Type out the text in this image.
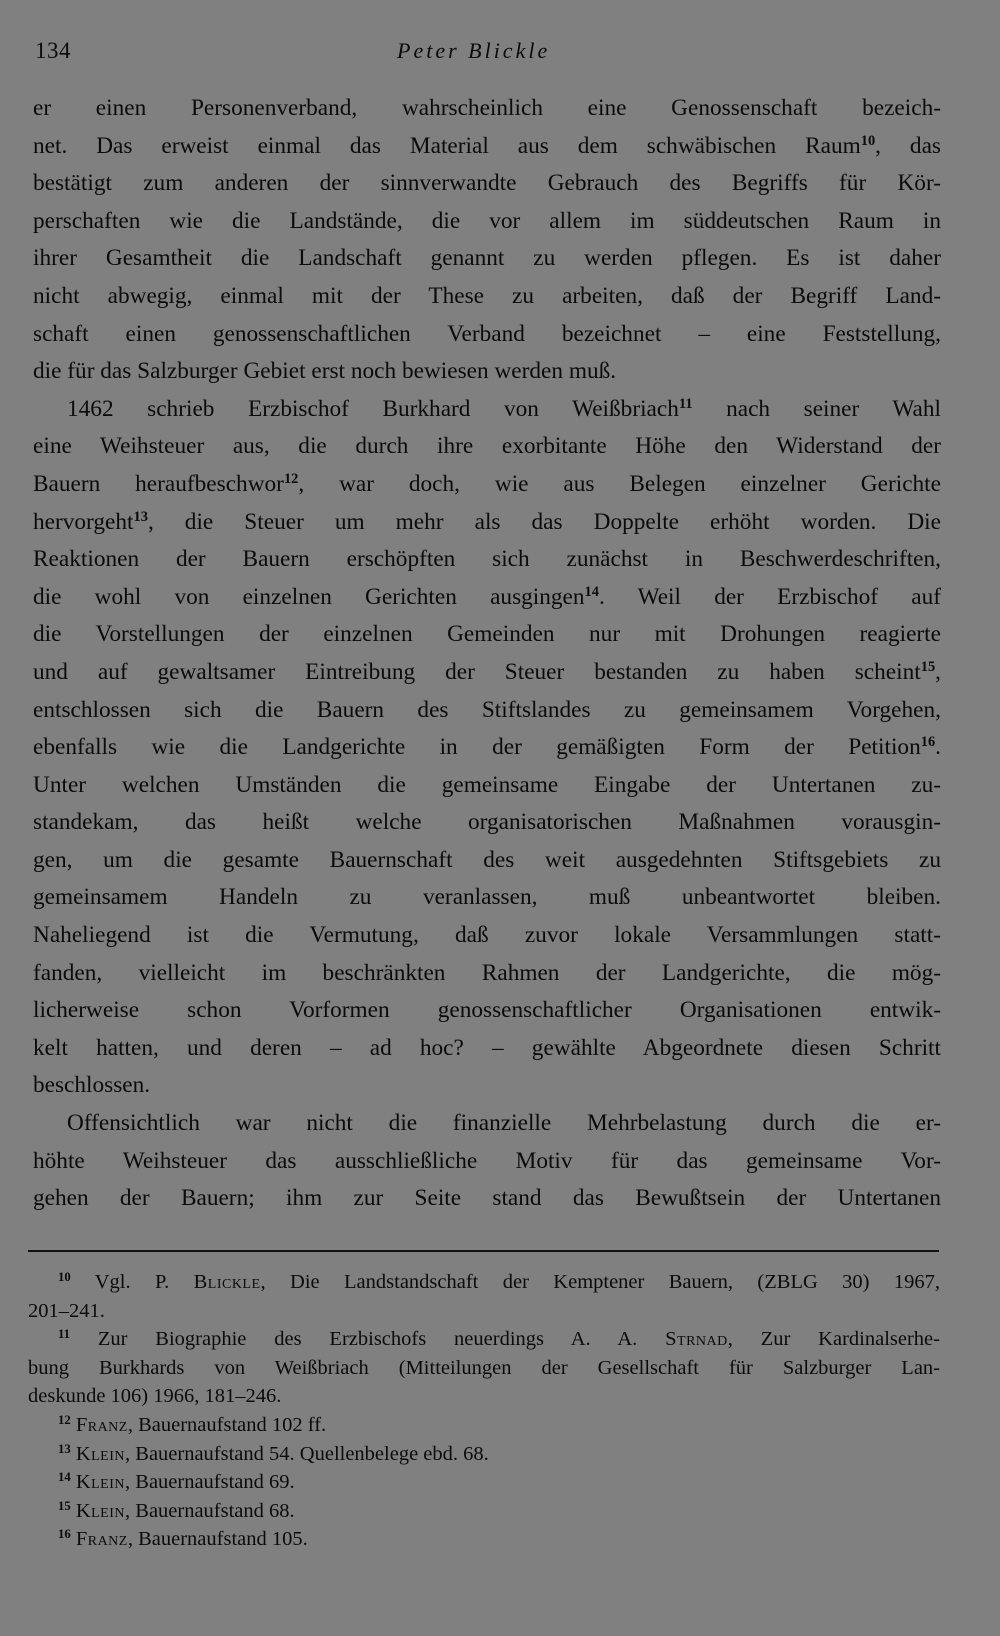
134	Peter Blickle
er einen Personenverband, wahrscheinlich eine Genossenschaft bezeich-
net. Das erweist einmal das Material aus dem schwäbischen Raum$^{10}$, das
bestätigt zum anderen der sinnverwandte Gebrauch des Begriffs für Kör-
perschaften wie die Landstände, die vor allem im süddeutschen Raum in
ihrer Gesamtheit die Landschaft genannt zu werden pflegen. Es ist daher
nicht abwegig, einmal mit der These zu arbeiten, daß der Begriff Land-
schaft einen genossenschaftlichen Verband bezeichnet – eine Feststellung,
die für das Salzburger Gebiet erst noch bewiesen werden muß.
1462 schrieb Erzbischof Burkhard von Weißbriach$^{11}$ nach seiner Wahl
eine Weihsteuer aus, die durch ihre exorbitante Höhe den Widerstand der
Bauern heraufbeschwor$^{12}$, war doch, wie aus Belegen einzelner Gerichte
hervorgeht$^{13}$, die Steuer um mehr als das Doppelte erhöht worden. Die
Reaktionen der Bauern erschöpften sich zunächst in Beschwerdeschriften,
die wohl von einzelnen Gerichten ausgingen$^{14}$. Weil der Erzbischof auf
die Vorstellungen der einzelnen Gemeinden nur mit Drohungen reagierte
und auf gewaltsamer Eintreibung der Steuer bestanden zu haben scheint$^{15}$,
entschlossen sich die Bauern des Stiftslandes zu gemeinsamem Vorgehen,
ebenfalls wie die Landgerichte in der gemäßigten Form der Petition$^{16}$.
Unter welchen Umständen die gemeinsame Eingabe der Untertanen zu-
standekam, das heißt welche organisatorischen Maßnahmen vorausgin-
gen, um die gesamte Bauernschaft des weit ausgedehnten Stiftsgebiets zu
gemeinsamem Handeln zu veranlassen, muß unbeantwortet bleiben.
Naheliegend ist die Vermutung, daß zuvor lokale Versammlungen statt-
fanden, vielleicht im beschränkten Rahmen der Landgerichte, die mög-
licherweise schon Vorformen genossenschaftlicher Organisationen entwik-
kelt hatten, und deren – ad hoc? – gewählte Abgeordnete diesen Schritt
beschlossen.
Offensichtlich war nicht die finanzielle Mehrbelastung durch die er-
höhte Weihsteuer das ausschließliche Motiv für das gemeinsame Vor-
gehen der Bauern; ihm zur Seite stand das Bewußtsein der Untertanen
$^{10}$ Vgl. P. Blickle, Die Landstandschaft der Kemptener Bauern, (ZBLG 30) 1967,
201–241.
$^{11}$ Zur Biographie des Erzbischofs neuerdings A. A. Strnad, Zur Kardinalserhe-
bung Burkhards von Weißbriach (Mitteilungen der Gesellschaft für Salzburger Lan-
deskunde 106) 1966, 181–246.
$^{12}$ Franz, Bauernaufstand 102 ff.
$^{13}$ Klein, Bauernaufstand 54. Quellenbelege ebd. 68.
$^{14}$ Klein, Bauernaufstand 69.
$^{15}$ Klein, Bauernaufstand 68.
$^{16}$ Franz, Bauernaufstand 105.
